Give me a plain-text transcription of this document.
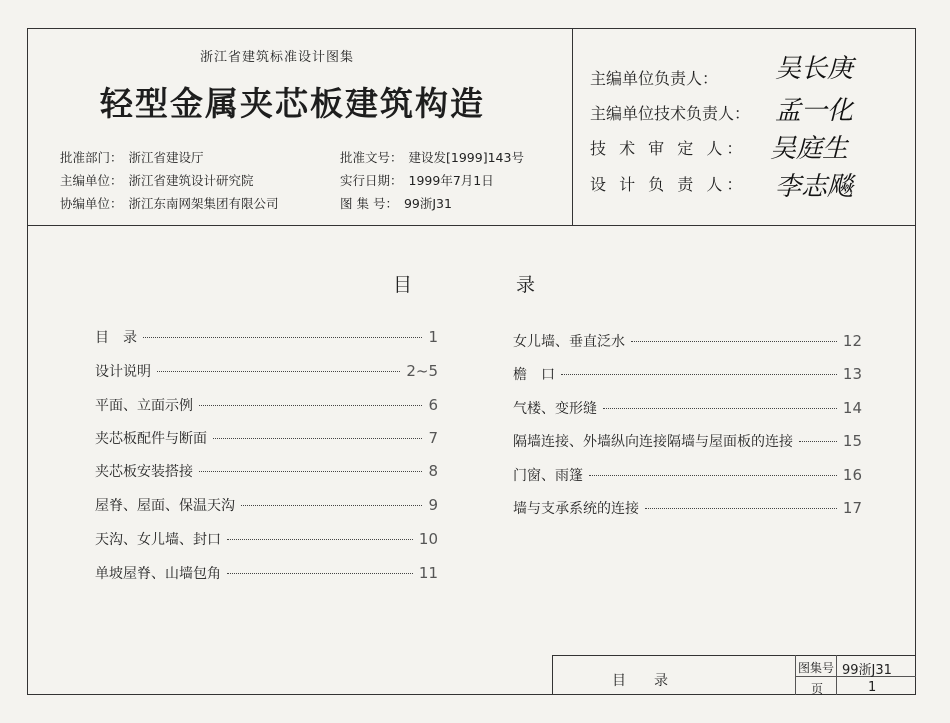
浙江省建筑标准设计图集
轻型金属夹芯板建筑构造
批准部门： 浙江省建设厅
主编单位： 浙江省建筑设计研究院
协编单位： 浙江东南网架集团有限公司
批准文号： 建设发[1999]143号
实行日期： 1999年7月1日
图 集 号： 99浙J31
主编单位负责人： 吴长庚
主编单位技术负责人： 孟一化
技 术 审 定 人： 吴庭生
设 计 负 责 人： 李志飚
目	录
目　录	1
设计说明	2~5
平面、立面示例	6
夹芯板配件与断面	7
夹芯板安装搭接	8
屋脊、屋面、保温天沟	9
天沟、女儿墙、封口	10
单坡屋脊、山墙包角	11
女儿墙、垂直泛水	12
檐　口	13
气楼、变形缝	14
隔墙连接、外墙纵向连接隔墙与屋面板的连接	15
门窗、雨篷	16
墙与支承系统的连接	17
目　　录
图集号 99浙J31
页	1
